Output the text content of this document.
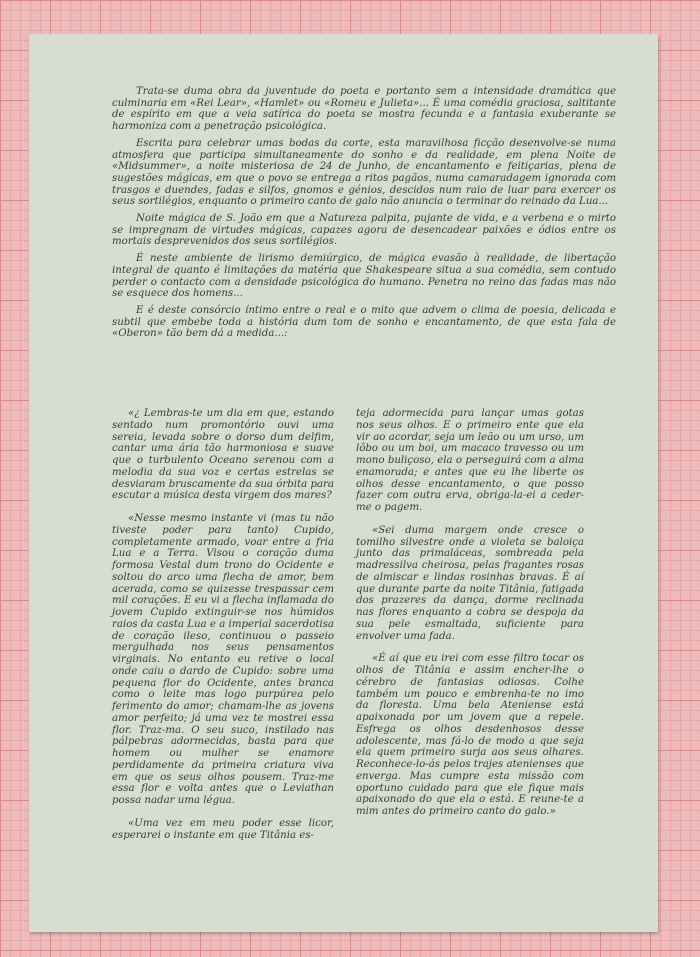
Trata-se duma obra da juventude do poeta e portanto sem a intensidade dramática que culminaria em «Rei Lear», «Hamlet» ou «Romeu e Julieta»... É uma comédia graciosa, saltitante de espírito em que a veia satírica do poeta se mostra fecunda e a fantasia exuberante se harmoniza com a penetração psicológica.

Escrita para celebrar umas bodas da corte, esta maravilhosa ficção desenvolve-se numa atmosfera que participa simultaneamente do sonho e da realidade, em plena Noite de «Midsummer», a noite misteriosa de 24 de Junho, de encantamento e feitiçarias, plena de sugestões mágicas, em que o povo se entrega a ritos pagãos, numa camaradagem ignorada com trasgos e duendes, fadas e silfos, gnomos e génios, descidos num raio de luar para exercer os seus sortilégios, enquanto o primeiro canto de galo não anuncia o terminar do reinado da Lua...

Noite mágica de S. João em que a Natureza palpita, pujante de vida, e a verbena e o mirto se impregnam de virtudes mágicas, capazes agora de desencadear paixões e ódios entre os mortais desprevenidos dos seus sortilégios.

É neste ambiente de lirismo demiúrgico, de mágica evasão à realidade, de libertação integral de quanto é limitações da matéria que Shakespeare situa a sua comédia, sem contudo perder o contacto com a densidade psicológica do humano. Penetra no reino das fadas mas não se esquece dos homens...

E é deste consórcio íntimo entre o real e o mito que advem o clima de poesia, delicada e subtil que embebe toda a história dum tom de sonho e encantamento, de que esta fala de «Oberon» tão bem dá a medida...:

«¿ Lembras-te um dia em que, estando sentado num promontório ouvi uma sereia, levada sobre o dorso dum delfim, cantar uma ária tão harmoniosa e suave que o turbulento Oceano serenou com a melodia da sua voz e certas estrelas se desviaram bruscamente da sua órbita para escutar a música desta virgem dos mares?

«Nesse mesmo instante vi (mas tu não tiveste poder para tanto) Cupido, completamente armado, voar entre a fria Lua e a Terra. Visou o coração duma formosa Vestal dum trono do Ocidente e soltou do arco uma flecha de amor, bem acerada, como se quizesse trespassar cem mil corações. E eu vi a flecha inflamada do jovem Cupido extinguir-se nos húmidos raios da casta Lua e a imperial sacerdotisa de coração ileso, continuou o passeio mergulhada nos seus pensamentos virginais. No entanto eu retive o local onde caiu o dardo de Cupido: sobre uma pequena flor do Ocidente, antes branca como o leite mas logo purpúrea pelo ferimento do amor; chamam-lhe as jovens amor perfeito; já uma vez te mostrei essa flor. Traz-ma. O seu suco, instilado nas pálpebras adormecidas, basta para que homem ou mulher se enamore perdidamente da primeira criatura viva em que os seus olhos pousem. Traz-me essa flor e volta antes que o Leviathan possa nadar uma légua.

«Uma vez em meu poder esse licor, esperarei o instante em que Titânia es-

teja adormecida para lançar umas gotas nos seus olhos. E o primeiro ente que ela vir ao acordar, seja um leão ou um urso, um lôbo ou um boi, um macaco travesso ou um mono buliçoso, ela o perseguirá com a alma enamorada; e antes que eu lhe liberte os olhos desse encantamento, o que posso fazer com outra erva, obriga-la-ei a ceder-me o pagem.

«Sei duma margem onde cresce o tomilho silvestre onde a violeta se baloiça junto das primaláceas, sombreada pela madressilva cheirosa, pelas fragantes rosas de almiscar e lindas rosinhas bravas. É aí que durante parte da noite Titânia, fatigada dos prazeres da dança, dorme reclinada nas flores enquanto a cobra se despoja da sua pele esmaltada, suficiente para envolver uma fada.

«É aí que eu irei com esse filtro tocar os olhos de Titânia e assim encher-lhe o cérebro de fantasias odiosas. Colhe também um pouco e embrenha-te no imo da floresta. Uma bela Ateniense está apaixonada por um jovem que a repele. Esfrega os olhos desdenhosos desse adolescente, mas fá-lo de modo a que seja ela quem primeiro surja aos seus olhares. Reconhece-lo-ás pelos trajes atenienses que enverga. Mas cumpre esta missão com oportuno cuidado para que ele fique mais apaixonado do que ela o está. E reune-te a mim antes do primeiro canto do galo.»
